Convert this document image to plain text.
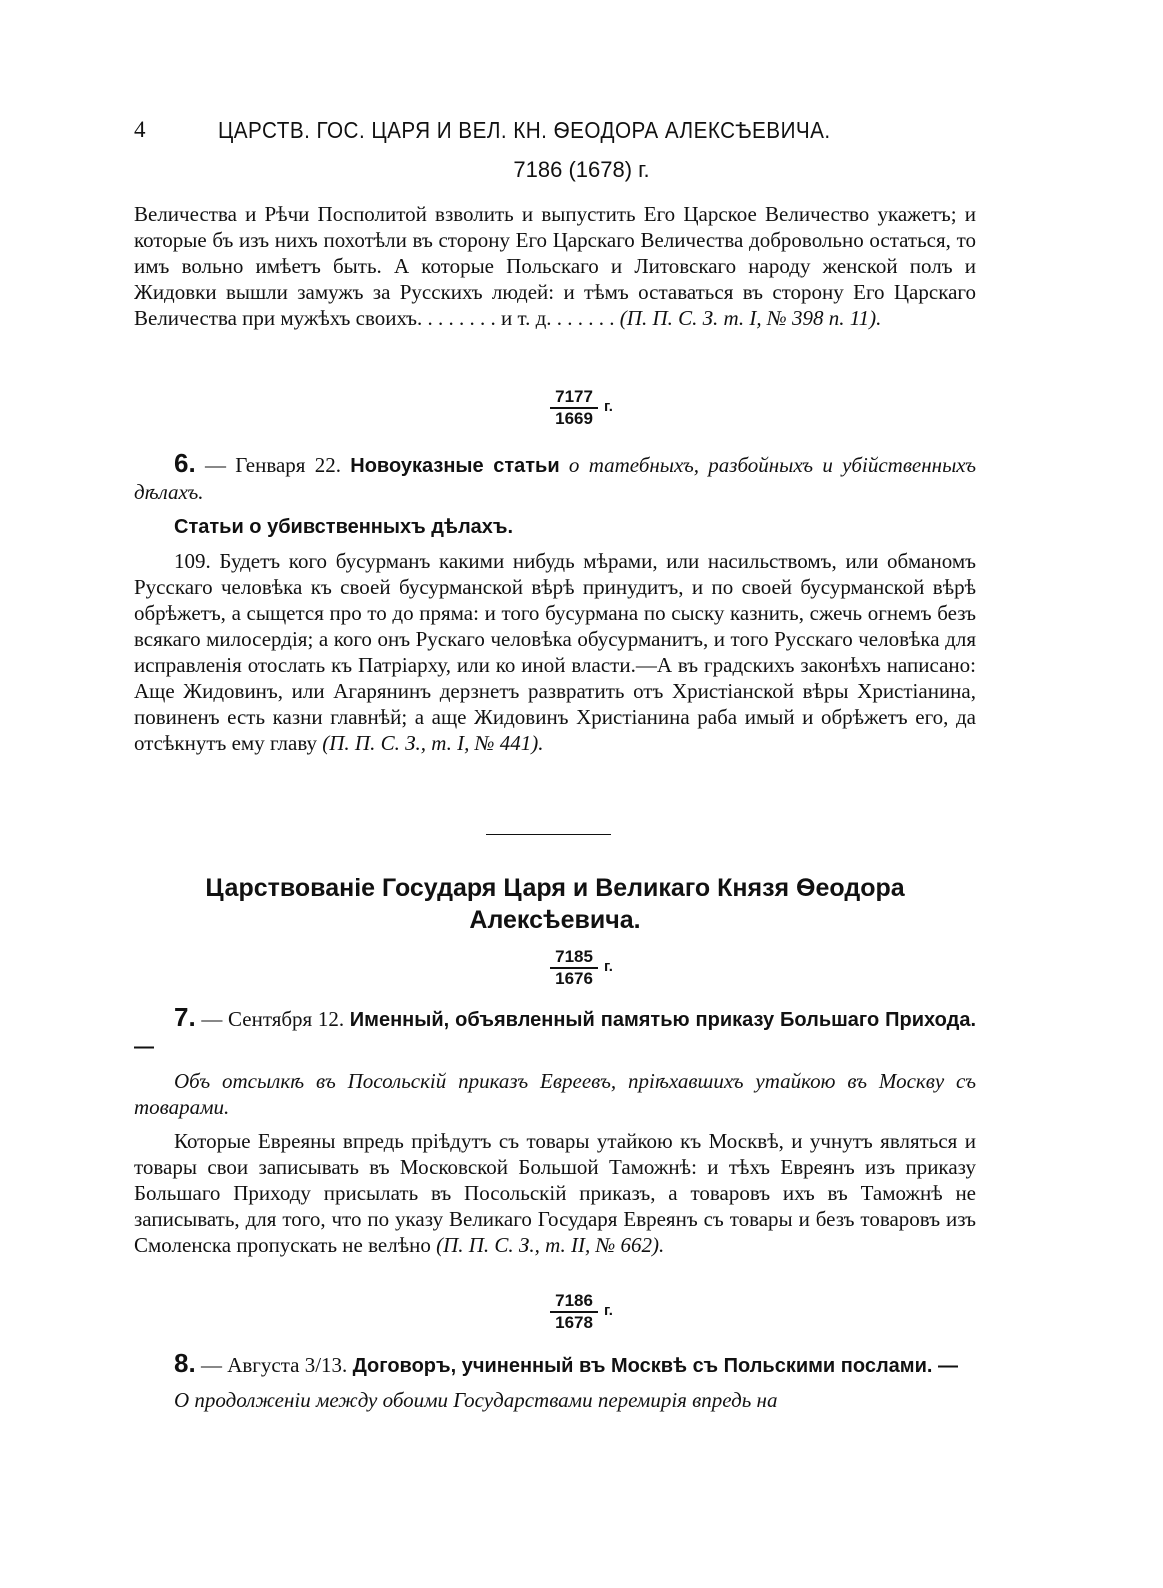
4	ЦАРСТВ. ГОС. ЦАРЯ И ВЕЛ. КН. ѲЕОДОРА АЛЕКСѢЕВИЧА.
7186 (1678) г.
Величества и Рѣчи Посполитой взволить и выпустить Его Царское Величество укажетъ; и которые бъ изъ нихъ похотѣли въ сторону Его Царскаго Величества добровольно остаться, то имъ вольно имѣетъ быть. А которые Польскаго и Литовскаго народу женской полъ и Жидовки вышли замужъ за Русскихъ людей: и тѣмъ оставаться въ сторону Его Царскаго Величества при мужѣхъ своихъ. . . . . . . . и т. д. . . . . . . (П. П. С. З. т. I, № 398 п. 11).
$\frac{7177}{1669} г$.

6. — Генваря 22. Новоуказные статьи о татебныхъ, разбойныхъ и убійственныхъ дѣлахъ.

Статьи о убивственныхъ дѣлахъ.

109. Будетъ кого бусурманъ какими нибудь мѣрами, или насильствомъ, или обманомъ Русскаго человѣка къ своей бусурманской вѣрѣ принудитъ, и по своей бусурманской вѣрѣ обрѣжетъ, а сыщется про то до пряма: и того бусурмана по сыску казнить, сжечь огнемъ безъ всякаго милосердія; а кого онъ Рускаго человѣка обусурманитъ, и того Русскаго человѣка для исправленія отослать къ Патріарху, или ко иной власти.—А въ градскихъ законѣхъ написано: Аще Жидовинъ, или Агарянинъ дерзнетъ развратить отъ Христіанской вѣры Христіанина, повиненъ есть казни главнѣй; а аще Жидовинъ Христіанина раба имый и обрѣжетъ его, да отсѣкнутъ ему главу (П. П. С. З., т. I, № 441).

Царствованіе Государя Царя и Великаго Князя Ѳеодора Алексѣевича.
$\frac{7185}{1676} г$.

7. — Сентября 12. Именный, объявленный памятью приказу Большаго Прихода. —

Объ отсылкѣ въ Посольскій приказъ Евреевъ, пріѣхавшихъ утайкою въ Москву съ товарами.

Которые Евреяны впредь пріѣдутъ съ товары утайкою къ Москвѣ, и учнутъ являться и товары свои записывать въ Московской Большой Таможнѣ: и тѣхъ Евреянъ изъ приказу Большаго Приходу присылать въ Посольскій приказъ, а товаровъ ихъ въ Таможнѣ не записывать, для того, что по указу Великаго Государя Евреянъ съ товары и безъ товаровъ изъ Смоленска пропускать не велѣно (П. П. С. З., т. II, № 662).

$\frac{7186}{1678} г$.

8. — Августа 3/13. Договоръ, учиненный въ Москвѣ съ Польскими послами. —

О продолженіи между обоими Государствами перемирія впредь на
